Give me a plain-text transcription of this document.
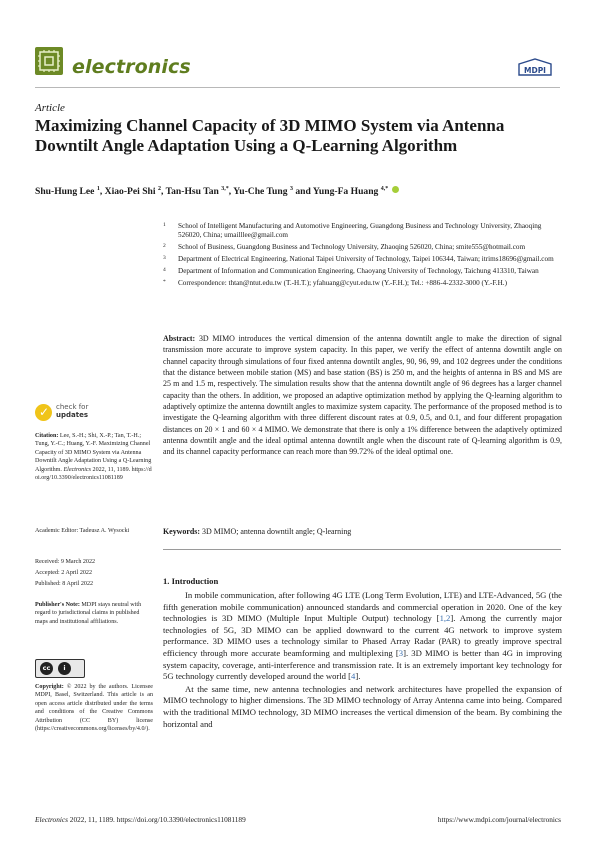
electronics	MDPI
Article
Maximizing Channel Capacity of 3D MIMO System via Antenna Downtilt Angle Adaptation Using a Q-Learning Algorithm
Shu-Hung Lee $^1$, Xiao-Pei Shi $^2$, Tan-Hsu Tan $^{3,*}$, Yu-Che Tung $^3$ and Yung-Fa Huang $^{4,*}$
1 School of Intelligent Manufacturing and Automotive Engineering, Guangdong Business and Technology University, Zhaoqing 526020, China; umailllee@gmail.com
2 School of Business, Guangdong Business and Technology University, Zhaoqing 526020, China; smite555@hotmail.com
3 Department of Electrical Engineering, National Taipei University of Technology, Taipei 106344, Taiwan; itrims18696@gmail.com
4 Department of Information and Communication Engineering, Chaoyang University of Technology, Taichung 413310, Taiwan
* Correspondence: thtan@ntut.edu.tw (T.-H.T.); yfahuang@cyut.edu.tw (Y.-F.H.); Tel.: +886-4-2332-3000 (Y.-F.H.)
Abstract: 3D MIMO introduces the vertical dimension of the antenna downtilt angle to make the direction of signal transmission more accurate to improve system capacity. In this paper, we verify the effect of antenna downtilt angle on channel capacity through simulations of four fixed antenna downtilt angles, 90, 96, 99, and 102 degrees under the conditions that the distance between mobile station (MS) and base station (BS) is 250 m, and the heights of antenna in BS and MS are 25 m and 1.5 m, respectively. The simulation results show that the antenna downtilt angle of 96 degrees has a larger channel capacity than the others. In addition, we proposed an adaptive optimization method by applying the Q-learning algorithm to adaptively optimize the antenna downtilt angles to maximize system capacity. The performance of the proposed method is to investigate the Q-learning algorithm with three different discount rates at 0.9, 0.5, and 0.1, and four different propagation distances on 20 × 1 and 60 × 4 MIMO. We demonstrate that there is only a 1% difference between the adaptively optimized antenna downtilt angle and the ideal optimal antenna downtilt angle when the discount rate of Q-learning algorithm is 0.9, and its channel capacity performance can reach more than 99.72% of the ideal optimal one.
Keywords: 3D MIMO; antenna downtilt angle; Q-learning
✓ check for
updates
Citation: Lee, S.-H.; Shi, X.-P.; Tan, T.-H.; Tung, Y.-C.; Huang, Y.-F. Maximizing Channel Capacity of 3D MIMO System via Antenna Downtilt Angle Adaptation Using a Q-Learning Algorithm. Electronics 2022, 11, 1189. https://doi.org/10.3390/electronics11081189
Academic Editor: Tadeusz A. Wysocki
Received: 9 March 2022
Accepted: 2 April 2022
Published: 8 April 2022
Publisher's Note: MDPI stays neutral with regard to jurisdictional claims in published maps and institutional affiliations.
cc	i
Copyright: © 2022 by the authors. Licensee MDPI, Basel, Switzerland. This article is an open access article distributed under the terms and conditions of the Creative Commons Attribution (CC BY) license (https://creativecommons.org/licenses/by/4.0/).
1. Introduction

In mobile communication, after following 4G LTE (Long Term Evolution, LTE) and LTE-Advanced, 5G (the fifth generation mobile communication) announced standards and commercial operation in 2020. One of the key technologies is 3D MIMO (Multiple Input Multiple Output) technology [1,2]. Among the currently major technologies of 5G, 3D MIMO can be applied downward to the current 4G network to improve system performance. 3D MIMO uses a technology similar to Phased Array Radar (PAR) to greatly improve spectral efficiency through more accurate beamforming and multiplexing [3]. 3D MIMO is better than 4G in improving system capacity, coverage, anti-interference and transmission rate. It is an extremely important key technology for 5G technology currently developed around the world [4].

At the same time, new antenna technologies and network architectures have propelled the expansion of MIMO technology to higher dimensions. The 3D MIMO technology of Array Antenna came into being. Compared with the traditional MIMO technology, 3D MIMO increases the vertical dimension of the beam. By combining the horizontal and

Electronics 2022, 11, 1189. https://doi.org/10.3390/electronics11081189	https://www.mdpi.com/journal/electronics
